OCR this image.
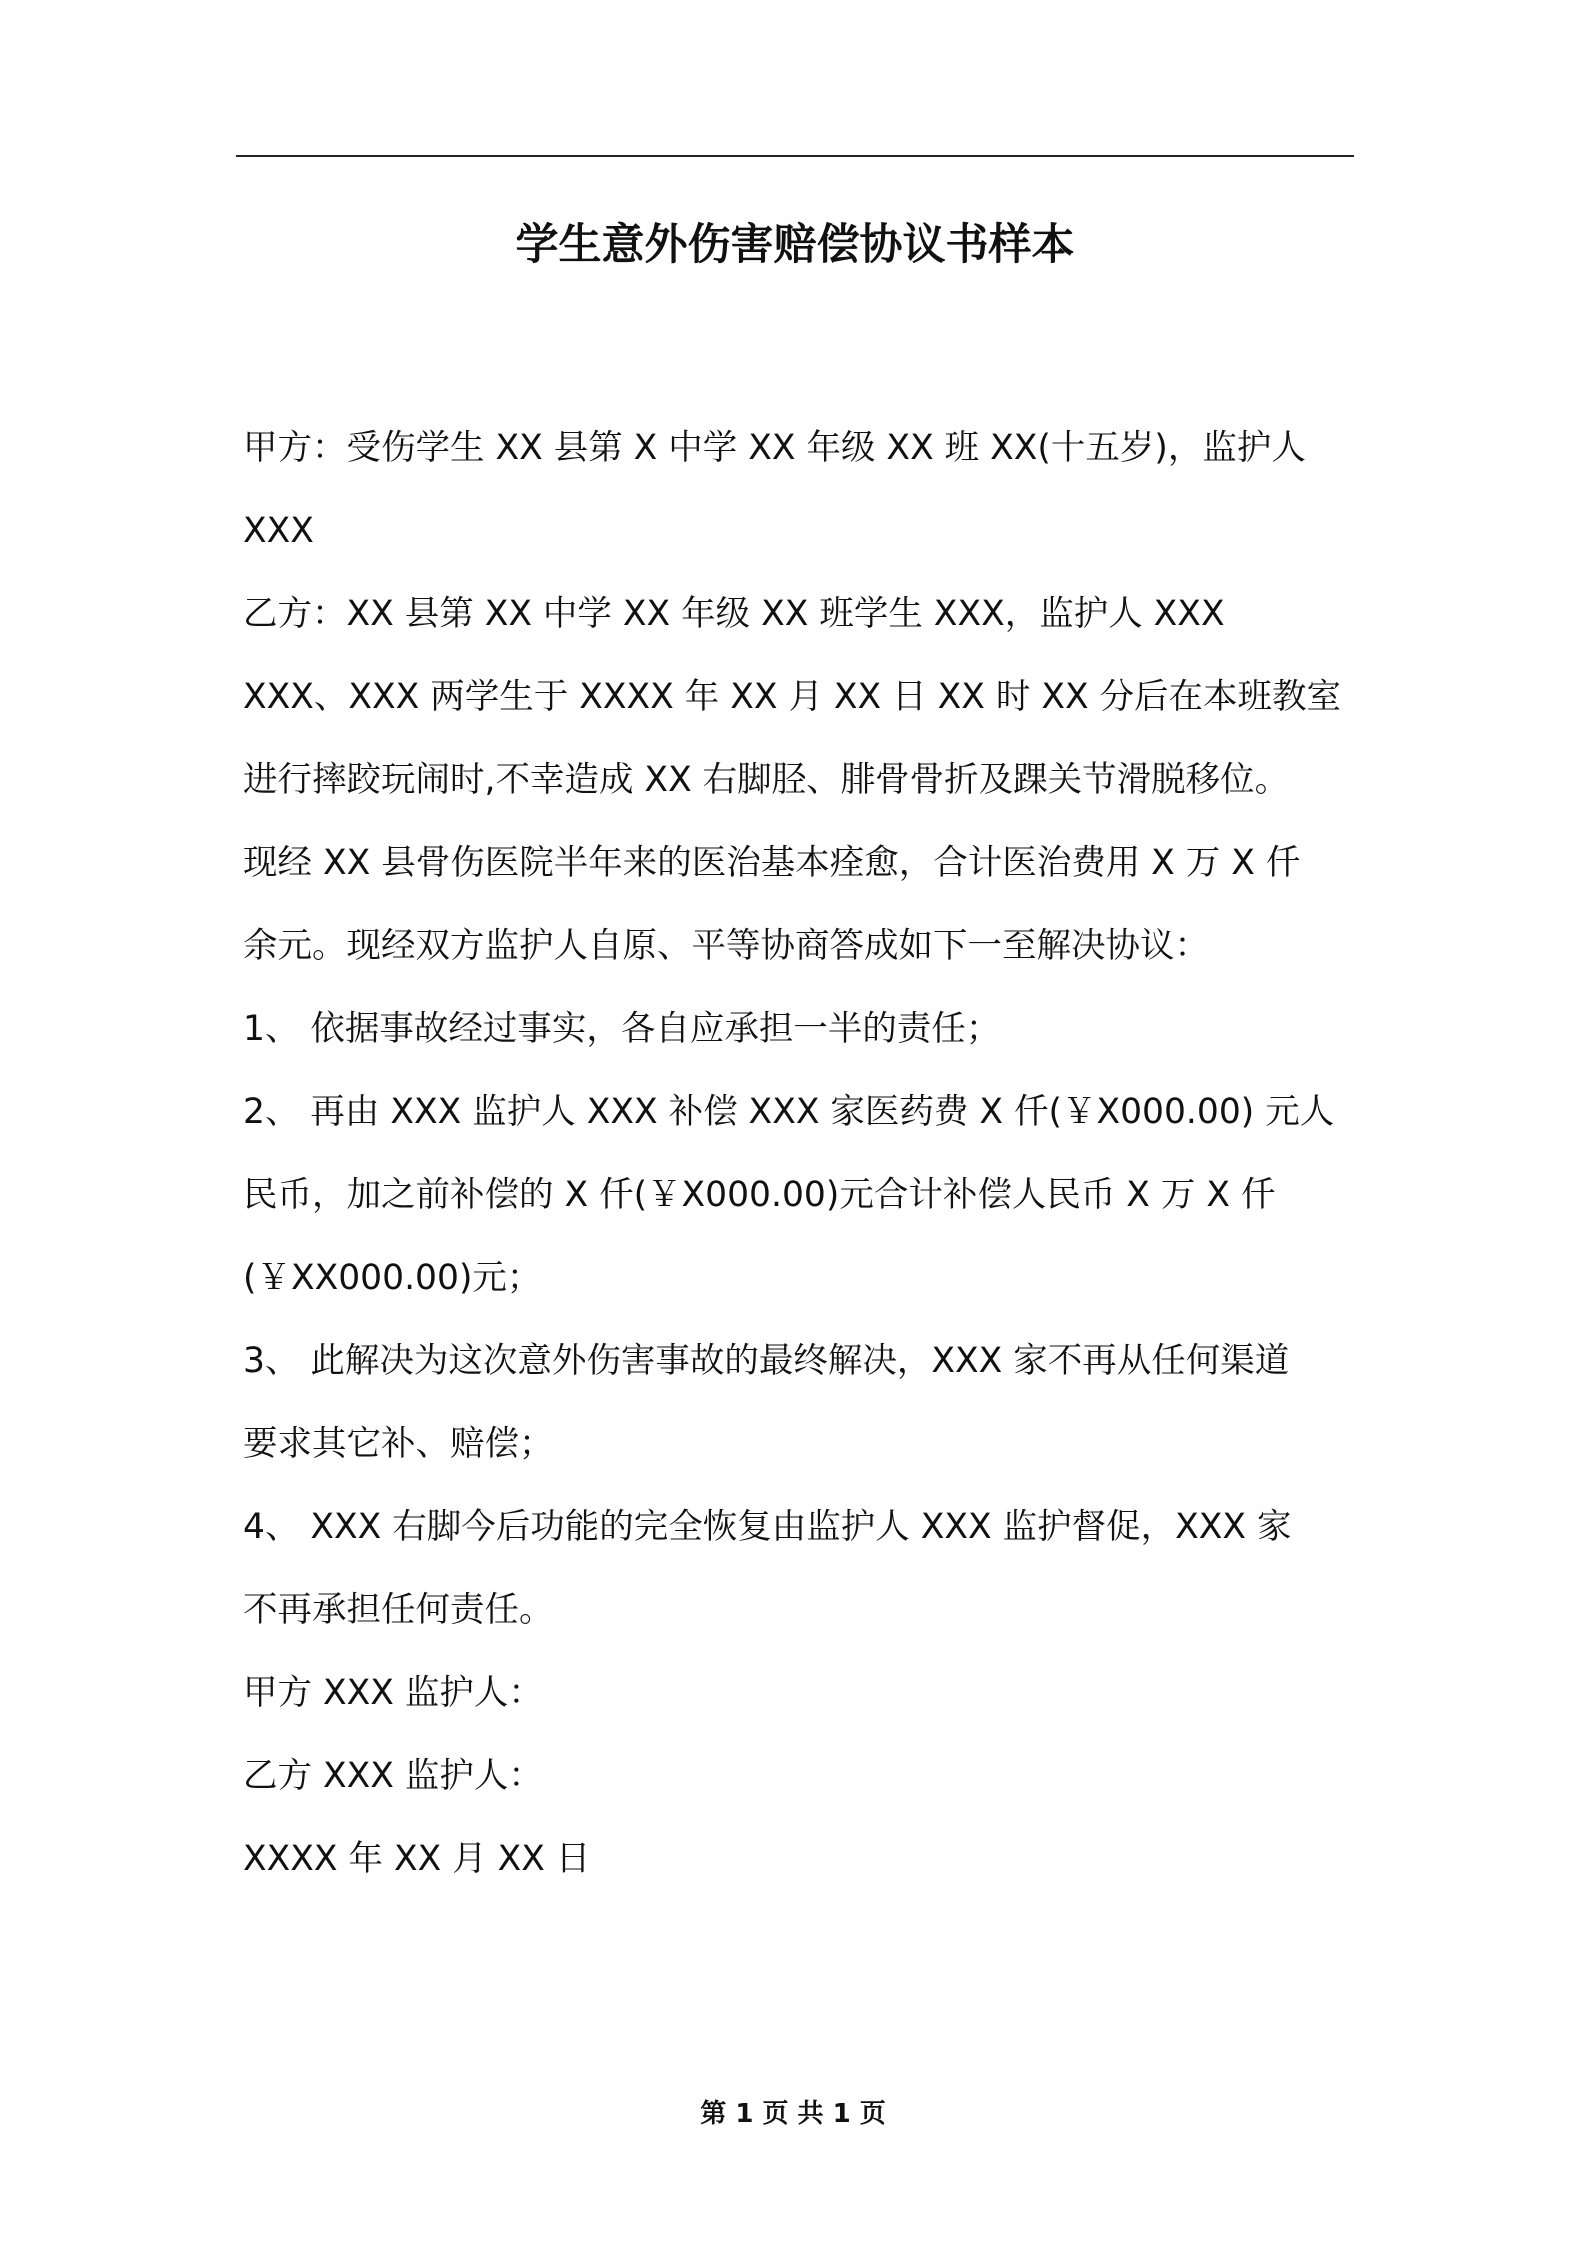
学生意外伤害赔偿协议书样本
甲方：受伤学生 XX 县第 X 中学 XX 年级 XX 班 XX(十五岁)，监护人
XXX
乙方：XX 县第 XX 中学 XX 年级 XX 班学生 XXX，监护人 XXX
XXX、XXX 两学生于 XXXX 年 XX 月 XX 日 XX 时 XX 分后在本班教室
进行摔跤玩闹时,不幸造成 XX 右脚胫、腓骨骨折及踝关节滑脱移位。
现经 XX 县骨伤医院半年来的医治基本痊愈，合计医治费用 X 万 X 仟
余元。现经双方监护人自原、平等协商答成如下一至解决协议：
1、 依据事故经过事实，各自应承担一半的责任；
2、 再由 XXX 监护人 XXX 补偿 XXX 家医药费 X 仟(￥X000.00) 元人
民币，加之前补偿的 X 仟(￥X000.00)元合计补偿人民币 X 万 X 仟
(￥XX000.00)元；
3、 此解决为这次意外伤害事故的最终解决，XXX 家不再从任何渠道
要求其它补、赔偿；
4、 XXX 右脚今后功能的完全恢复由监护人 XXX 监护督促，XXX 家
不再承担任何责任。
甲方 XXX 监护人：
乙方 XXX 监护人：
XXXX 年 XX 月 XX 日
第 1 页 共 1 页
